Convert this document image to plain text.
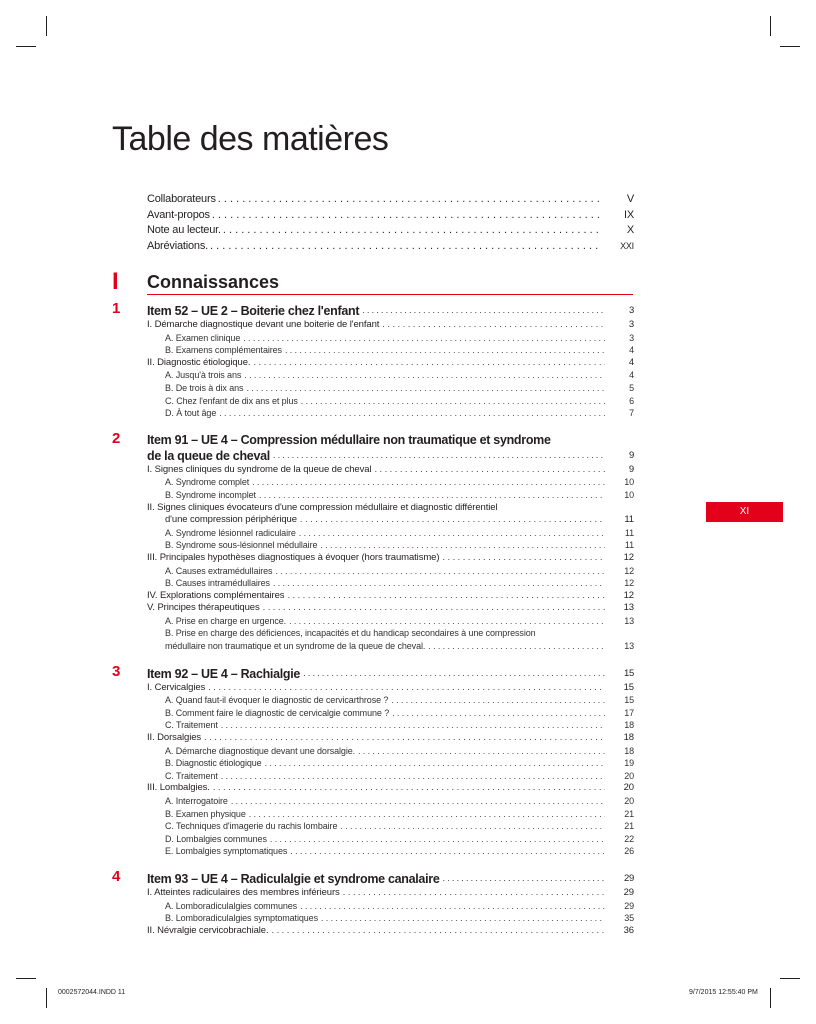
Table des matières
Collaborateurs . . .	V
Avant-propos . . .	IX
Note au lecteur. . . .	X
Abréviations. . . .	XXI
I Connaissances
1 Item 52 – UE 2 – Boiterie chez l'enfant . . .	3
I. Démarche diagnostique devant une boiterie de l'enfant . . .	3
A. Examen clinique . . .	3
B. Examens complémentaires . . .	4
II. Diagnostic étiologique. . . .	4
A. Jusqu'à trois ans . . .	4
B. De trois à dix ans . . .	5
C. Chez l'enfant de dix ans et plus . . .	6
D. À tout âge . . .	7
2 Item 91 – UE 4 – Compression médullaire non traumatique et syndrome
de la queue de cheval . . .	9
I. Signes cliniques du syndrome de la queue de cheval . . .	9
A. Syndrome complet . . .	10
B. Syndrome incomplet . . .	10
II. Signes cliniques évocateurs d'une compression médullaire et diagnostic différentiel
d'une compression périphérique . . .	11
A. Syndrome lésionnel radiculaire . . .	11
B. Syndrome sous-lésionnel médullaire . . .	11
III. Principales hypothèses diagnostiques à évoquer (hors traumatisme) . . .	12
A. Causes extramédullaires . . .	12
B. Causes intramédullaires . . .	12
IV. Explorations complémentaires . . .	12
V. Principes thérapeutiques . . .	13
A. Prise en charge en urgence. . . .	13
B. Prise en charge des déficiences, incapacités et du handicap secondaires à une compression
médullaire non traumatique et un syndrome de la queue de cheval. . . .	13
3 Item 92 – UE 4 – Rachialgie . . .	15
I. Cervicalgies . . .	15
A. Quand faut-il évoquer le diagnostic de cervicarthrose ? . . .	15
B. Comment faire le diagnostic de cervicalgie commune ? . . .	17
C. Traitement . . .	18
II. Dorsalgies . . .	18
A. Démarche diagnostique devant une dorsalgie. . . .	18
B. Diagnostic étiologique . . .	19
C. Traitement . . .	20
III. Lombalgies. . . .	20
A. Interrogatoire . . .	20
B. Examen physique . . .	21
C. Techniques d'imagerie du rachis lombaire . . .	21
D. Lombalgies communes . . .	22
E. Lombalgies symptomatiques . . .	26
4 Item 93 – UE 4 – Radiculalgie et syndrome canalaire . . .	29
I. Atteintes radiculaires des membres inférieurs . . .	29
A. Lomboradiculalgies communes . . .	29
B. Lomboradiculalgies symptomatiques . . .	35
II. Névralgie cervicobrachiale. . . .	36
XI
0002572044.INDD 11	9/7/2015 12:55:40 PM
